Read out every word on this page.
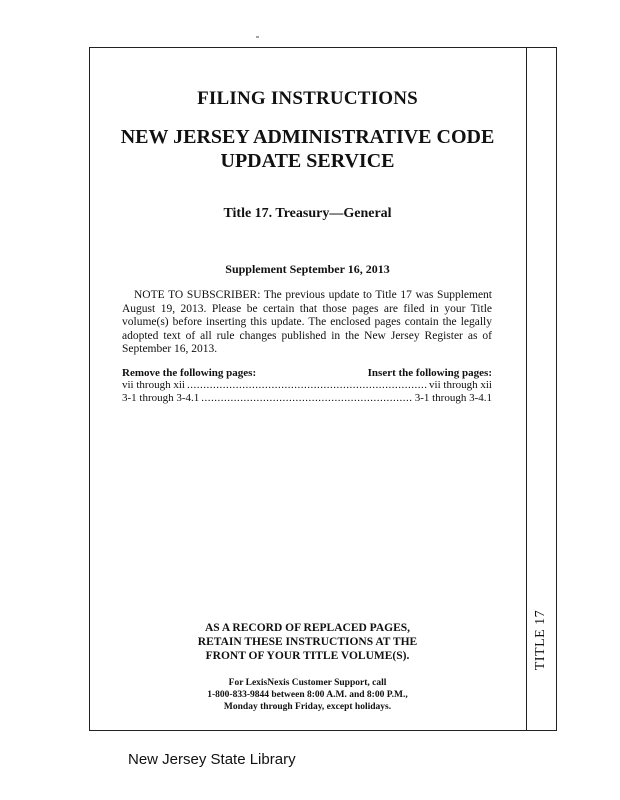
FILING INSTRUCTIONS
NEW JERSEY ADMINISTRATIVE CODE
UPDATE SERVICE
Title 17. Treasury—General
Supplement September 16, 2013

NOTE TO SUBSCRIBER: The previous update to Title 17 was Supplement August 19, 2013. Please be certain that those pages are filed in your Title volume(s) before inserting this update. The enclosed pages contain the legally adopted text of all rule changes published in the New Jersey Register as of September 16, 2013.

Remove the following pages:	Insert the following pages:
vii through xii .....	vii through xii
3-1 through 3-4.1 .....	3-1 through 3-4.1
AS A RECORD OF REPLACED PAGES,
RETAIN THESE INSTRUCTIONS AT THE
FRONT OF YOUR TITLE VOLUME(S).
For LexisNexis Customer Support, call
1-800-833-9844 between 8:00 A.M. and 8:00 P.M.,
Monday through Friday, except holidays.
TITLE 17
New Jersey State Library
